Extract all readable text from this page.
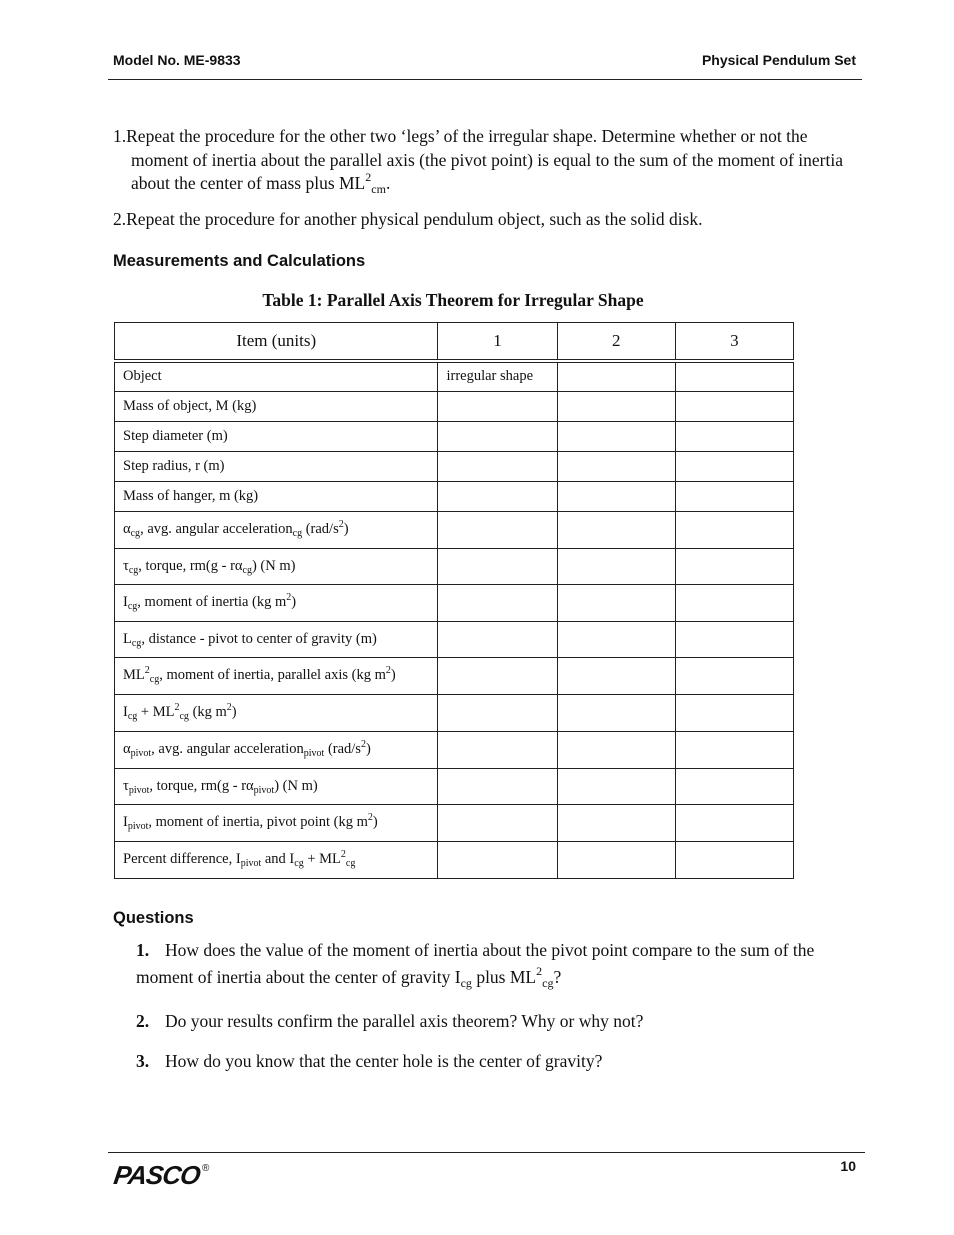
Model No. ME-9833	Physical Pendulum Set
1.Repeat the procedure for the other two ‘legs’ of the irregular shape. Determine whether or not the moment of inertia about the parallel axis (the pivot point) is equal to the sum of the moment of inertia about the center of mass plus $ML^2_{cm}$.
2.Repeat the procedure for another physical pendulum object, such as the solid disk.
Measurements and Calculations
Table 1: Parallel Axis Theorem for Irregular Shape
Item (units)	1	2	3
Object	irregular shape		
Mass of object, M (kg)			
Step diameter (m)			
Step radius, r (m)			
Mass of hanger, m (kg)			
$\alpha_{cg}$, avg. angular acceleration$_{cg}$ $(rad/s^2)$			
$\tau_{cg}$, torque, $rm(g - r\alpha_{cg})$ (N m)			
$I_{cg}$, moment of inertia (kg $m^2$)			
$L_{cg}$, distance - pivot to center of gravity (m)			
$ML^2_{cg}$, moment of inertia, parallel axis (kg $m^2$)			
$I_{cg} + ML^2_{cg}$ (kg $m^2$)			
$\alpha_{pivot}$, avg. angular acceleration$_{pivot}$ $(rad/s^2)$			
$\tau_{pivot}$, torque, $rm(g - r\alpha_{pivot})$ (N m)			
$I_{pivot}$, moment of inertia, pivot point (kg $m^2$)			
Percent difference, $I_{pivot}$ and $I_{cg} + ML^2_{cg}$			
Questions
1. How does the value of the moment of inertia about the pivot point compare to the sum of the moment of inertia about the center of gravity $I_{cg}$ plus $ML^2_{cg}$?
2. Do your results confirm the parallel axis theorem? Why or why not?
3. How do you know that the center hole is the center of gravity?
PASCO ®	10
